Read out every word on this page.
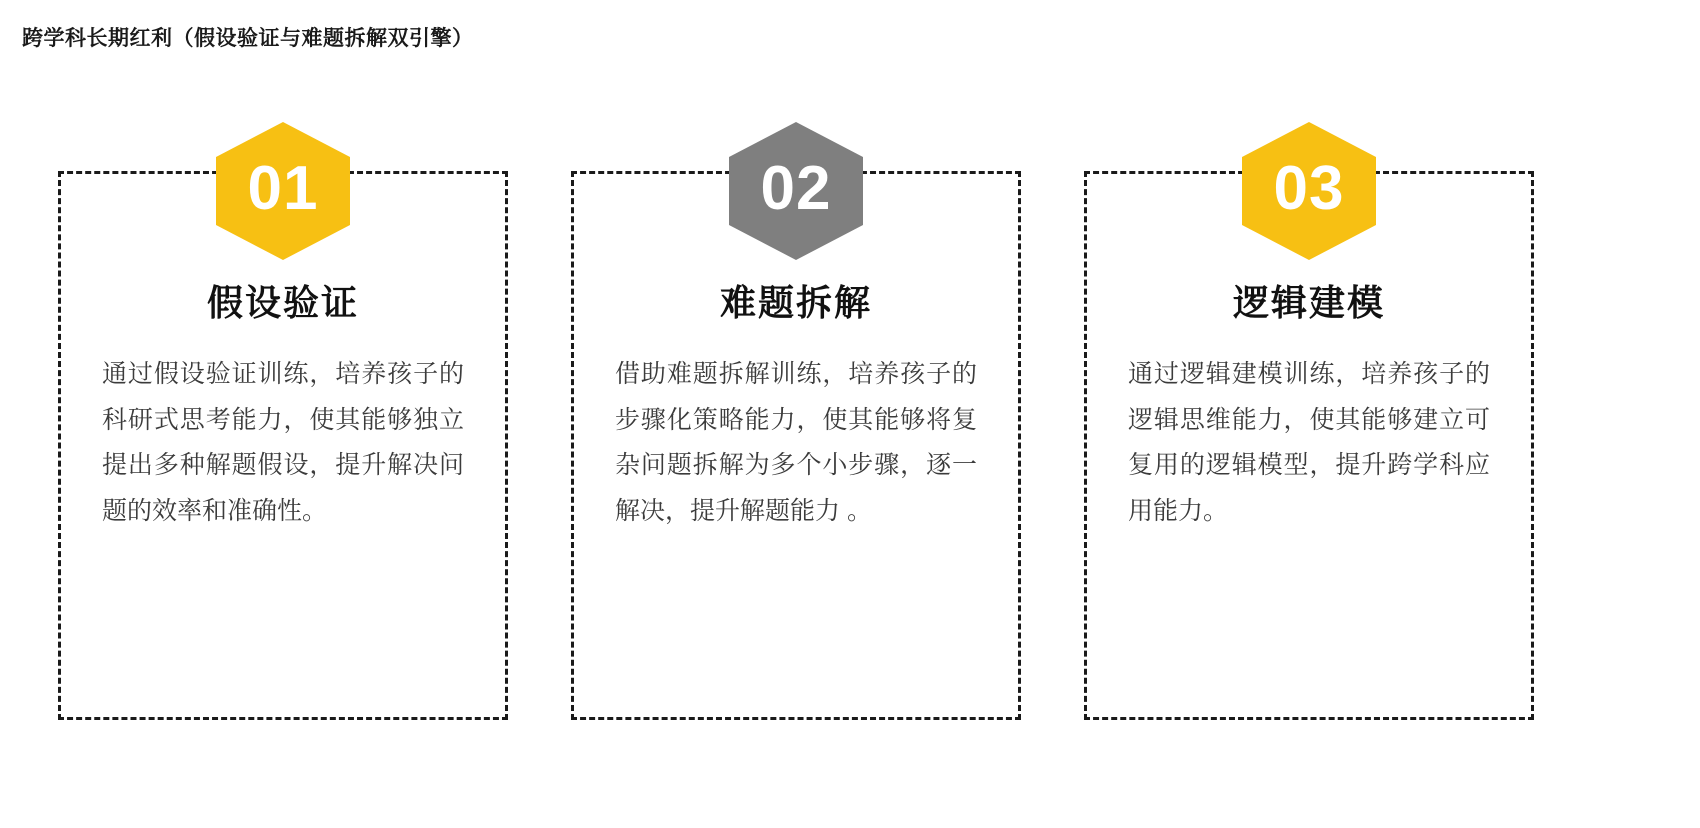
跨学科长期红利（假设验证与难题拆解双引擎）
01
假设验证
通过假设验证训练，培养孩子的科研式思考能力，使其能够独立提出多种解题假设，提升解决问题的效率和准确性。
02
难题拆解
借助难题拆解训练，培养孩子的步骤化策略能力，使其能够将复杂问题拆解为多个小步骤，逐一解决，提升解题能力 。
03
逻辑建模
通过逻辑建模训练，培养孩子的逻辑思维能力，使其能够建立可复用的逻辑模型，提升跨学科应用能力。
